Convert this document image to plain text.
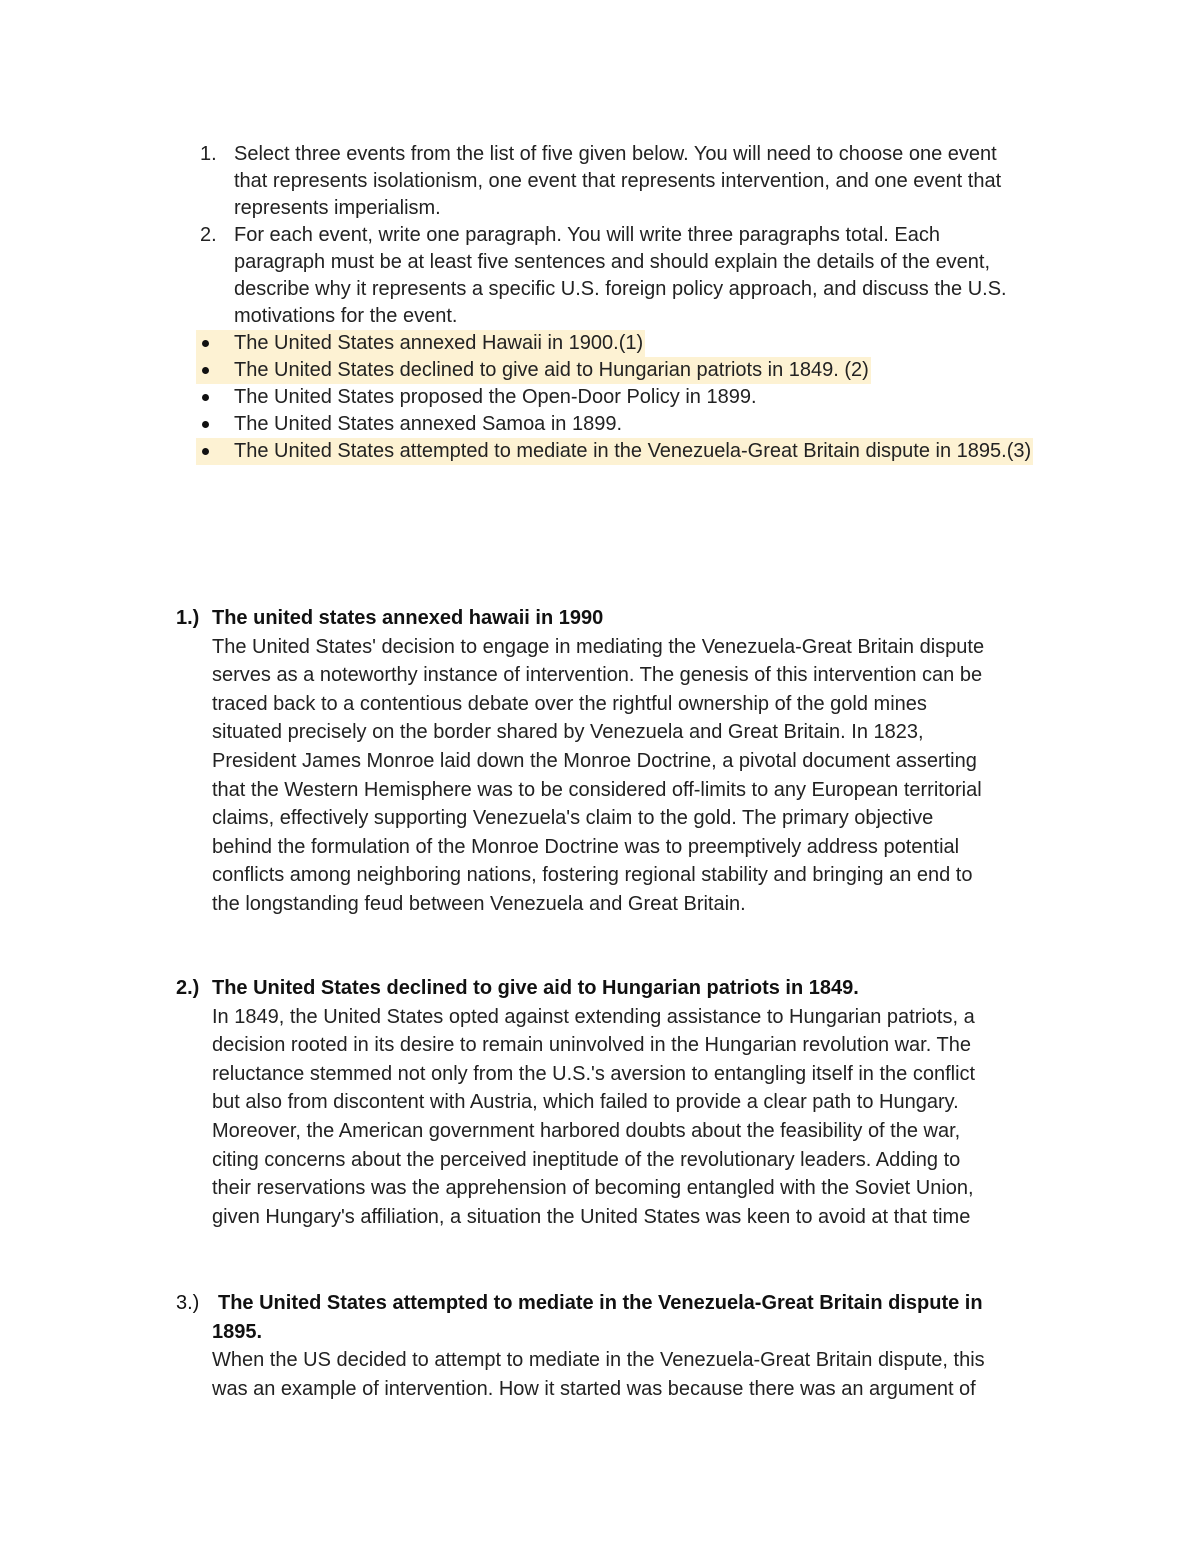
1. Select three events from the list of five given below. You will need to choose one event that represents isolationism, one event that represents intervention, and one event that represents imperialism.
2. For each event, write one paragraph. You will write three paragraphs total. Each paragraph must be at least five sentences and should explain the details of the event, describe why it represents a specific U.S. foreign policy approach, and discuss the U.S. motivations for the event.
The United States annexed Hawaii in 1900.(1)
The United States declined to give aid to Hungarian patriots in 1849. (2)
The United States proposed the Open-Door Policy in 1899.
The United States annexed Samoa in 1899.
The United States attempted to mediate in the Venezuela-Great Britain dispute in 1895.(3)
1.) The united states annexed hawaii in 1990
The United States' decision to engage in mediating the Venezuela-Great Britain dispute
serves as a noteworthy instance of intervention. The genesis of this intervention can be
traced back to a contentious debate over the rightful ownership of the gold mines
situated precisely on the border shared by Venezuela and Great Britain. In 1823,
President James Monroe laid down the Monroe Doctrine, a pivotal document asserting
that the Western Hemisphere was to be considered off-limits to any European territorial
claims, effectively supporting Venezuela's claim to the gold. The primary objective
behind the formulation of the Monroe Doctrine was to preemptively address potential
conflicts among neighboring nations, fostering regional stability and bringing an end to
the longstanding feud between Venezuela and Great Britain.
2.) The United States declined to give aid to Hungarian patriots in 1849.
In 1849, the United States opted against extending assistance to Hungarian patriots, a
decision rooted in its desire to remain uninvolved in the Hungarian revolution war. The
reluctance stemmed not only from the U.S.'s aversion to entangling itself in the conflict
but also from discontent with Austria, which failed to provide a clear path to Hungary.
Moreover, the American government harbored doubts about the feasibility of the war,
citing concerns about the perceived ineptitude of the revolutionary leaders. Adding to
their reservations was the apprehension of becoming entangled with the Soviet Union,
given Hungary's affiliation, a situation the United States was keen to avoid at that time
3.) The United States attempted to mediate in the Venezuela-Great Britain dispute in
1895.
When the US decided to attempt to mediate in the Venezuela-Great Britain dispute, this
was an example of intervention. How it started was because there was an argument of
